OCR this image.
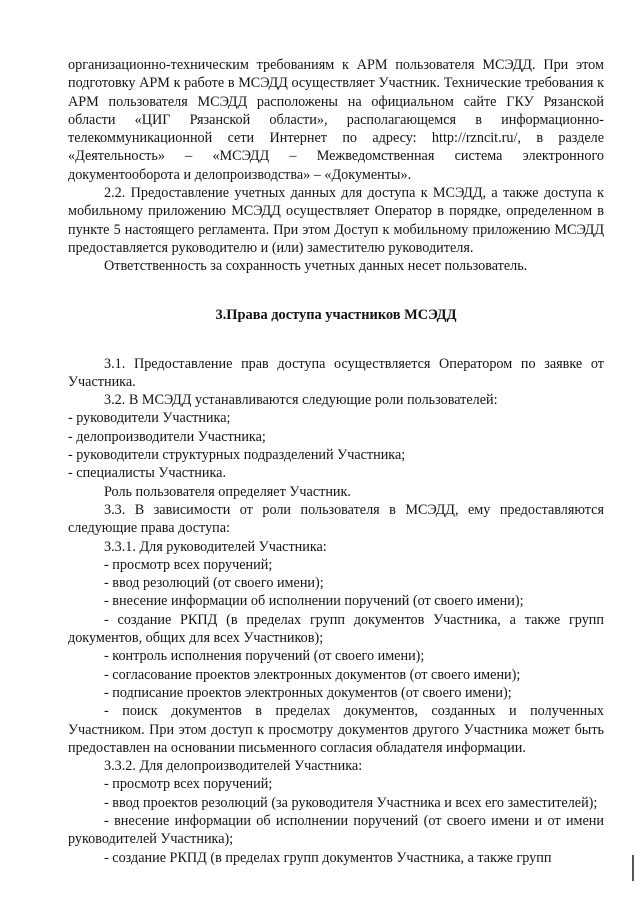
организационно-техническим требованиям к АРМ пользователя МСЭДД. При этом подготовку АРМ к работе в МСЭДД осуществляет Участник. Технические требования к АРМ пользователя МСЭДД расположены на официальном сайте ГКУ Рязанской области «ЦИГ Рязанской области», располагающемся в информационно-телекоммуникационной сети Интернет по адресу: http://rzncit.ru/, в разделе «Деятельность» – «МСЭДД – Межведомственная система электронного документооборота и делопроизводства» – «Документы».

2.2. Предоставление учетных данных для доступа к МСЭДД, а также доступа к мобильному приложению МСЭДД осуществляет Оператор в порядке, определенном в пункте 5 настоящего регламента. При этом Доступ к мобильному приложению МСЭДД предоставляется руководителю и (или) заместителю руководителя.

Ответственность за сохранность учетных данных несет пользователь.

3.Права доступа участников МСЭДД

3.1. Предоставление прав доступа осуществляется Оператором по заявке от Участника.

3.2. В МСЭДД устанавливаются следующие роли пользователей:

- руководители Участника;

- делопроизводители Участника;

- руководители структурных подразделений Участника;

- специалисты Участника.

Роль пользователя определяет Участник.

3.3. В зависимости от роли пользователя в МСЭДД, ему предоставляются следующие права доступа:

3.3.1. Для руководителей Участника:

- просмотр всех поручений;

- ввод резолюций (от своего имени);

- внесение информации об исполнении поручений (от своего имени);

- создание РКПД (в пределах групп документов Участника, а также групп документов, общих для всех Участников);

- контроль исполнения поручений (от своего имени);

- согласование проектов электронных документов (от своего имени);

- подписание проектов электронных документов (от своего имени);

- поиск документов в пределах документов, созданных и полученных Участником. При этом доступ к просмотру документов другого Участника может быть предоставлен на основании письменного согласия обладателя информации.

3.3.2. Для делопроизводителей Участника:

- просмотр всех поручений;

- ввод проектов резолюций (за руководителя Участника и всех его заместителей);

- внесение информации об исполнении поручений (от своего имени и от имени руководителей Участника);

- создание РКПД (в пределах групп документов Участника, а также групп
